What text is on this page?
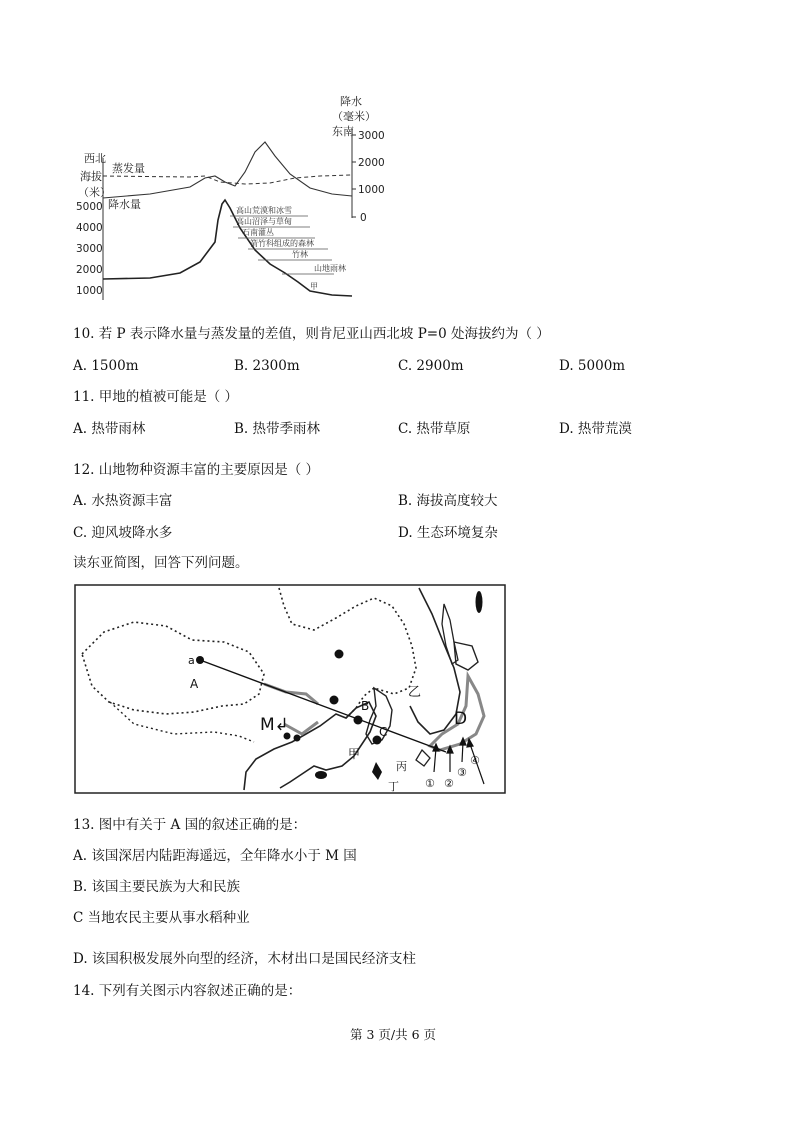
降水
（毫米）
东南
西北
海拔
（米）
蒸发量
降水量
3000
2000
1000
0
5000
4000
3000
2000
1000
高山荒漠和冰雪
高山沼泽与草甸
石南灌丛
箭竹科组成的森林
竹林
山地雨林
甲
10. 若 P 表示降水量与蒸发量的差值，则肯尼亚山西北坡 P=0 处海拔约为（ ）
A. 1500m	B. 2300m	C. 2900m	D. 5000m
11. 甲地的植被可能是（ ）
A. 热带雨林	B. 热带季雨林	C. 热带草原	D. 热带荒漠
12. 山地物种资源丰富的主要原因是（ ）
A. 水热资源丰富	B. 海拔高度较大
C. 迎风坡降水多	D. 生态环境复杂
读东亚简图，回答下列问题。
a
A
M↲
B
C
乙
D
甲
丙
丁 ① ②
③
④
13. 图中有关于 A 国的叙述正确的是：
A. 该国深居内陆距海遥远，全年降水小于 M 国
B. 该国主要民族为大和民族
C 当地农民主要从事水稻种业
D. 该国积极发展外向型的经济，木材出口是国民经济支柱
14. 下列有关图示内容叙述正确的是：
第 3 页/共 6 页
